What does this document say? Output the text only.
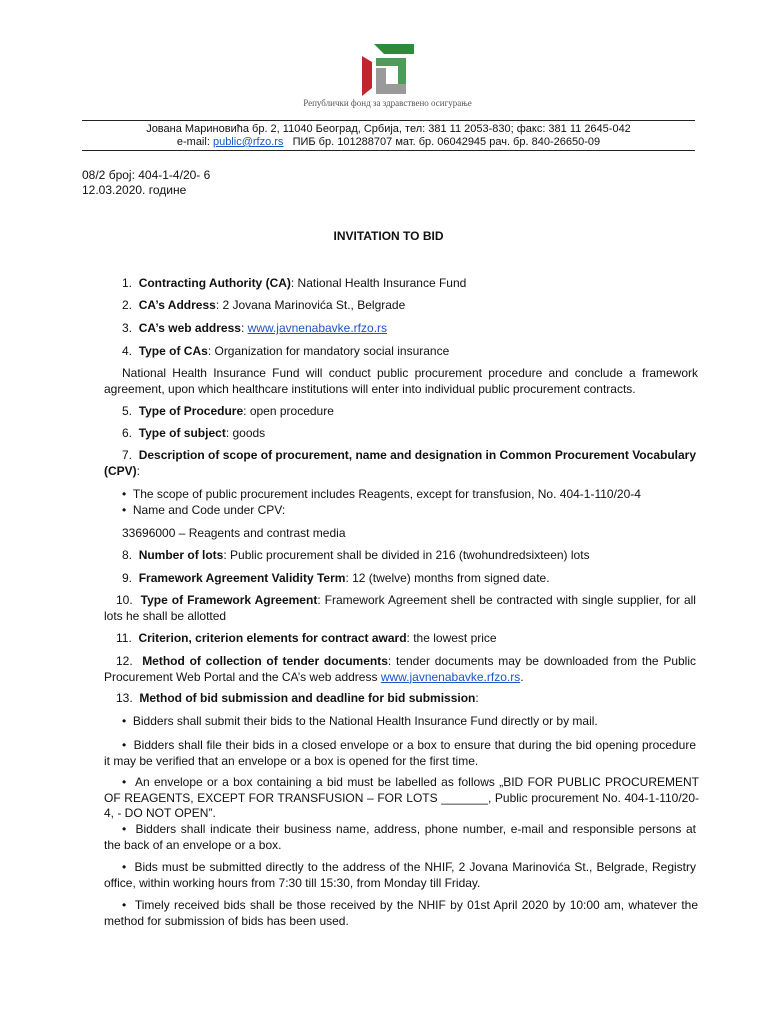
Републички фонд за здравствено осигурање
Јована Мариновића бр. 2, 11040 Београд, Србија, тел: 381 11 2053-830; факс: 381 11 2645-042
e-mail: public@rfzo.rs ПИБ бр. 101288707 мат. бр. 06042945 рач. бр. 840-26650-09
08/2 број: 404-1-4/20- 6
12.03.2020. године
INVITATION TO BID
1. Contracting Authority (CA): National Health Insurance Fund
2. CA’s Address: 2 Jovana Marinovića St., Belgrade
3. CA’s web address: www.javnenabavke.rfzo.rs
4. Type of CAs: Organization for mandatory social insurance
National Health Insurance Fund will conduct public procurement procedure and conclude a framework agreement, upon which healthcare institutions will enter into individual public procurement contracts.
5. Type of Procedure: open procedure
6. Type of subject: goods
7. Description of scope of procurement, name and designation in Common Procurement Vocabulary (CPV):
• The scope of public procurement includes Reagents, except for transfusion, No. 404-1-110/20-4
• Name and Code under CPV:
33696000 – Reagents and contrast media
8. Number of lots: Public procurement shall be divided in 216 (twohundredsixteen) lots
9. Framework Agreement Validity Term: 12 (twelve) months from signed date.
10. Type of Framework Agreement: Framework Agreement shell be contracted with single supplier, for all lots he shall be allotted
11. Criterion, criterion elements for contract award: the lowest price
12. Method of collection of tender documents: tender documents may be downloaded from the Public Procurement Web Portal and the CA’s web address www.javnenabavke.rfzo.rs.
13. Method of bid submission and deadline for bid submission:
• Bidders shall submit their bids to the National Health Insurance Fund directly or by mail.
• Bidders shall file their bids in a closed envelope or a box to ensure that during the bid opening procedure it may be verified that an envelope or a box is opened for the first time.
• An envelope or a box containing a bid must be labelled as follows „BID FOR PUBLIC PROCUREMENT OF REAGENTS, EXCEPT FOR TRANSFUSION – FOR LOTS _______, Public procurement No. 404-1-110/20-4, - DO NOT OPEN”.
• Bidders shall indicate their business name, address, phone number, e-mail and responsible persons at the back of an envelope or a box.
• Bids must be submitted directly to the address of the NHIF, 2 Jovana Marinovića St., Belgrade, Registry office, within working hours from 7:30 till 15:30, from Monday till Friday.
• Timely received bids shall be those received by the NHIF by 01st April 2020 by 10:00 am, whatever the method for submission of bids has been used.
